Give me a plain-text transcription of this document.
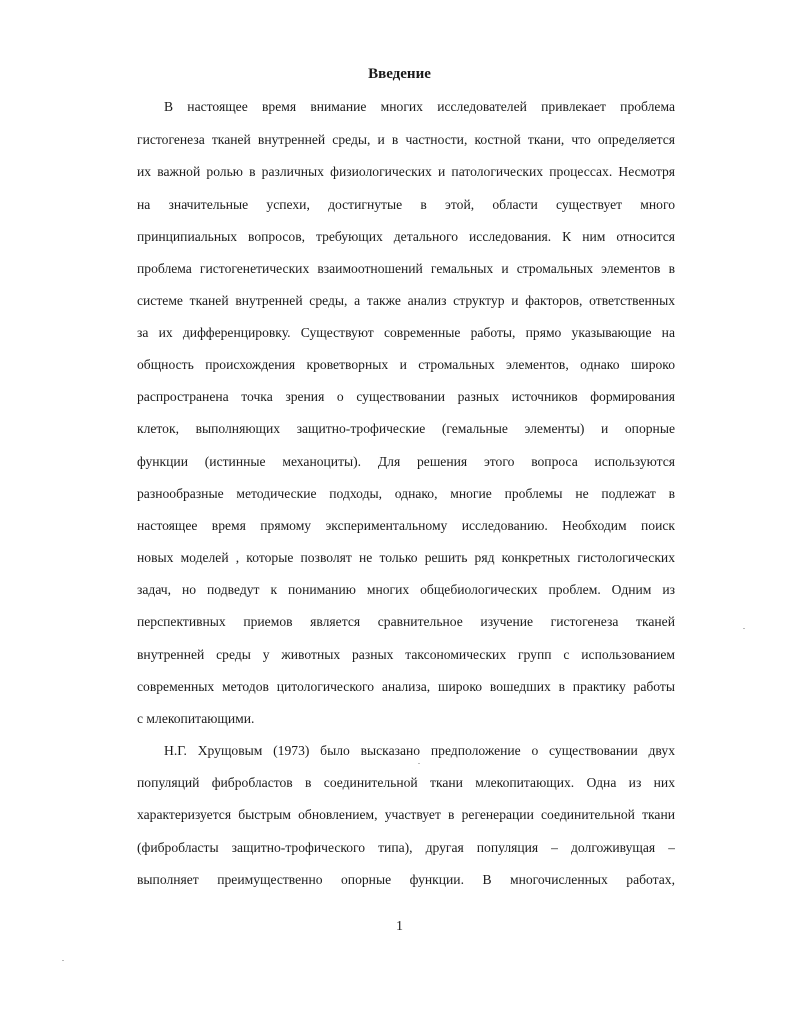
Введение
В настоящее время внимание многих исследователей привлекает проблема
гистогенеза тканей внутренней среды, и в частности, костной ткани, что определяется
их важной ролью в различных физиологических и патологических процессах. Несмотря
на значительные успехи, достигнутые в этой, области существует много
принципиальных вопросов, требующих детального исследования. К ним относится
проблема гистогенетических взаимоотношений гемальных и стромальных элементов в
системе тканей внутренней среды, а также анализ структур и факторов, ответственных
за их дифференцировку. Существуют современные работы, прямо указывающие на
общность происхождения кроветворных и стромальных элементов, однако широко
распространена точка зрения о существовании разных источников формирования
клеток, выполняющих защитно-трофические (гемальные элементы) и опорные
функции (истинные механоциты). Для решения этого вопроса используются
разнообразные методические подходы, однако, многие проблемы не подлежат в
настоящее время прямому экспериментальному исследованию. Необходим поиск
новых моделей , которые позволят не только решить ряд конкретных гистологических
задач, но подведут к пониманию многих общебиологических проблем. Одним из
перспективных приемов является сравнительное изучение гистогенеза тканей
внутренней среды у животных разных таксономических групп с использованием
современных методов цитологического анализа, широко вошедших в практику работы
с млекопитающими.
Н.Г. Хрущовым (1973) было высказано предположение о существовании двух
популяций фибробластов в соединительной ткани млекопитающих. Одна из них
характеризуется быстрым обновлением, участвует в регенерации соединительной ткани
(фибробласты защитно-трофического типа), другая популяция – долгоживущая –
выполняет преимущественно опорные функции. В многочисленных работах,
1
